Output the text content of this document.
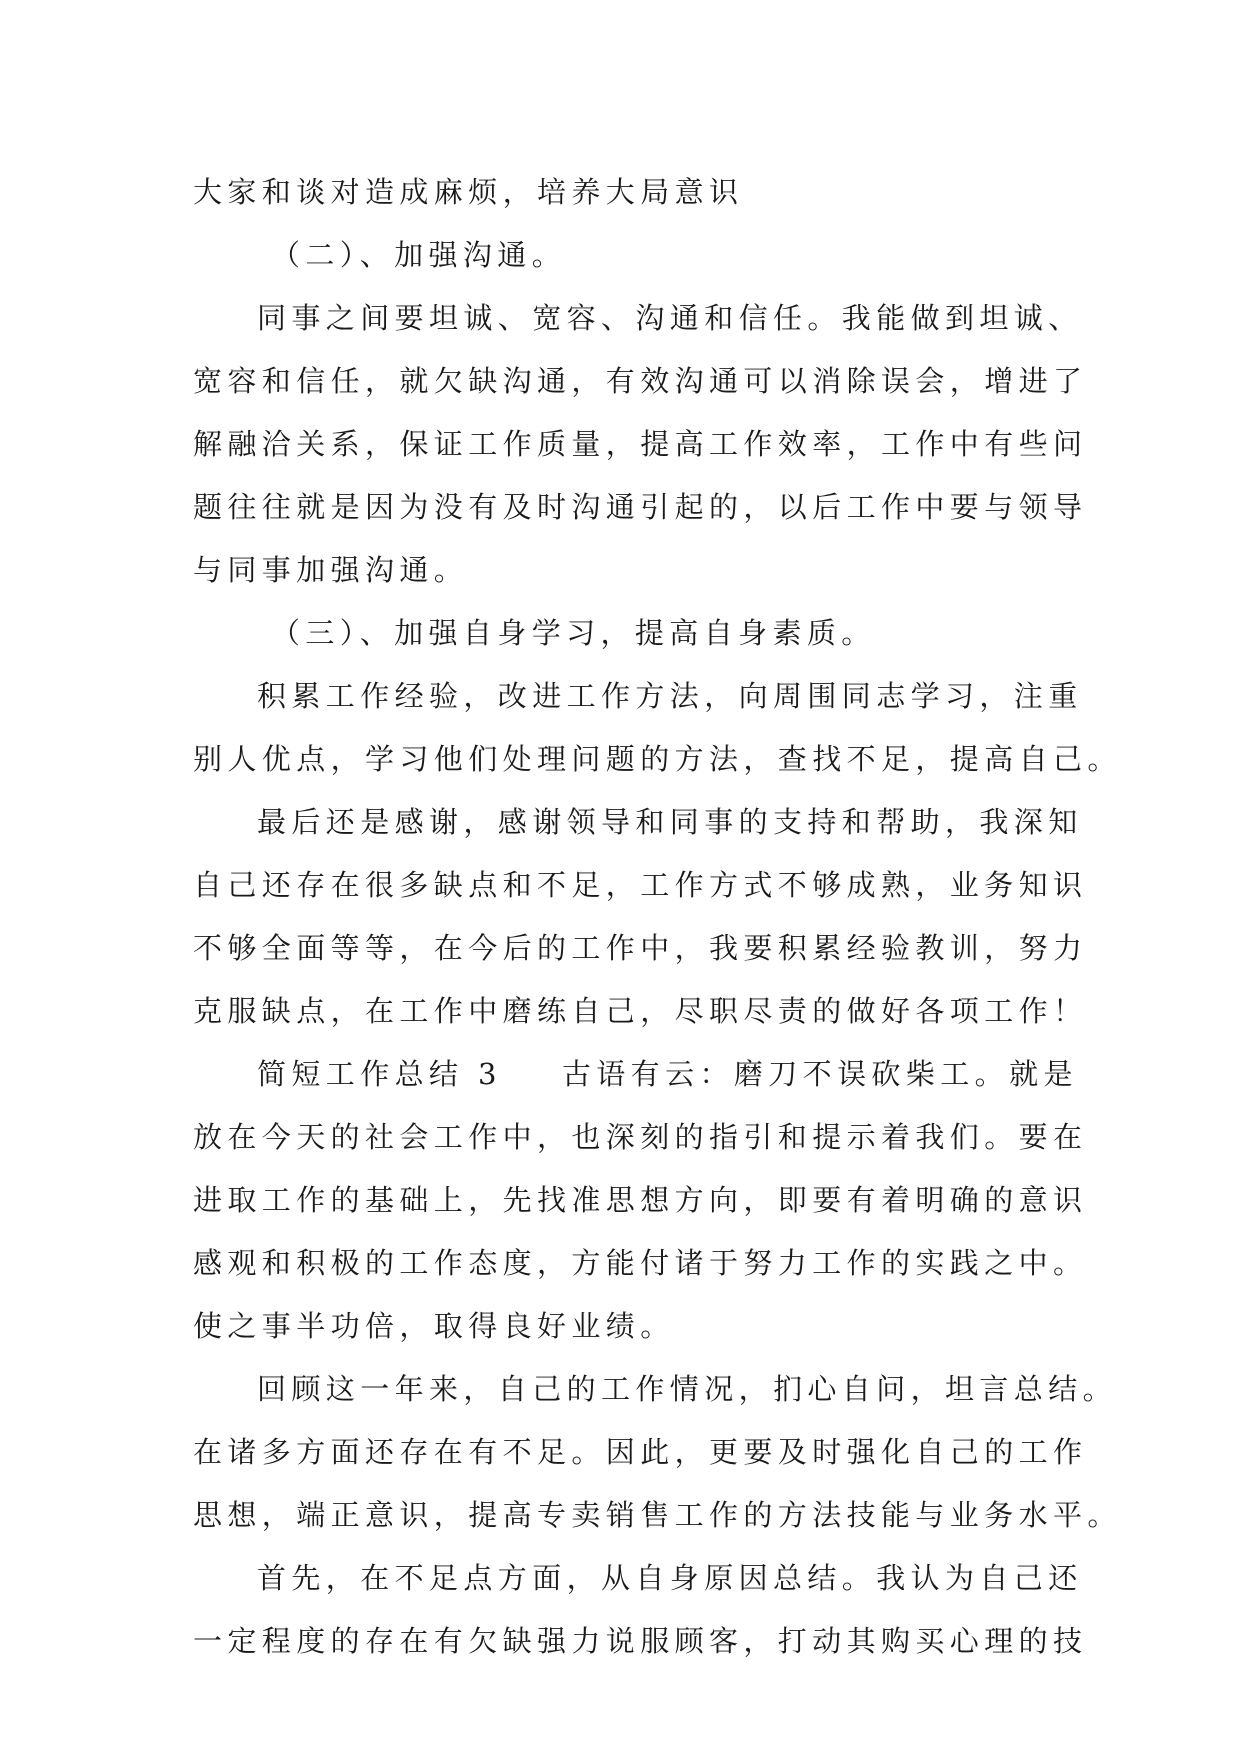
大家和谈对造成麻烦，培养大局意识
（二）、加强沟通。
同事之间要坦诚、宽容、沟通和信任。我能做到坦诚、
宽容和信任，就欠缺沟通，有效沟通可以消除误会，增进了
解融洽关系，保证工作质量，提高工作效率，工作中有些问
题往往就是因为没有及时沟通引起的，以后工作中要与领导
与同事加强沟通。
（三）、加强自身学习，提高自身素质。
积累工作经验，改进工作方法，向周围同志学习，注重
别人优点，学习他们处理问题的方法，查找不足，提高自己。
最后还是感谢，感谢领导和同事的支持和帮助，我深知
自己还存在很多缺点和不足，工作方式不够成熟，业务知识
不够全面等等，在今后的工作中，我要积累经验教训，努力
克服缺点，在工作中磨练自己，尽职尽责的做好各项工作！
简短工作总结 3 古语有云：磨刀不误砍柴工。就是
放在今天的社会工作中，也深刻的指引和提示着我们。要在
进取工作的基础上，先找准思想方向，即要有着明确的意识
感观和积极的工作态度，方能付诸于努力工作的实践之中。
使之事半功倍，取得良好业绩。
回顾这一年来，自己的工作情况，扪心自问，坦言总结。
在诸多方面还存在有不足。因此，更要及时强化自己的工作
思想，端正意识，提高专卖销售工作的方法技能与业务水平。
首先，在不足点方面，从自身原因总结。我认为自己还
一定程度的存在有欠缺强力说服顾客，打动其购买心理的技
